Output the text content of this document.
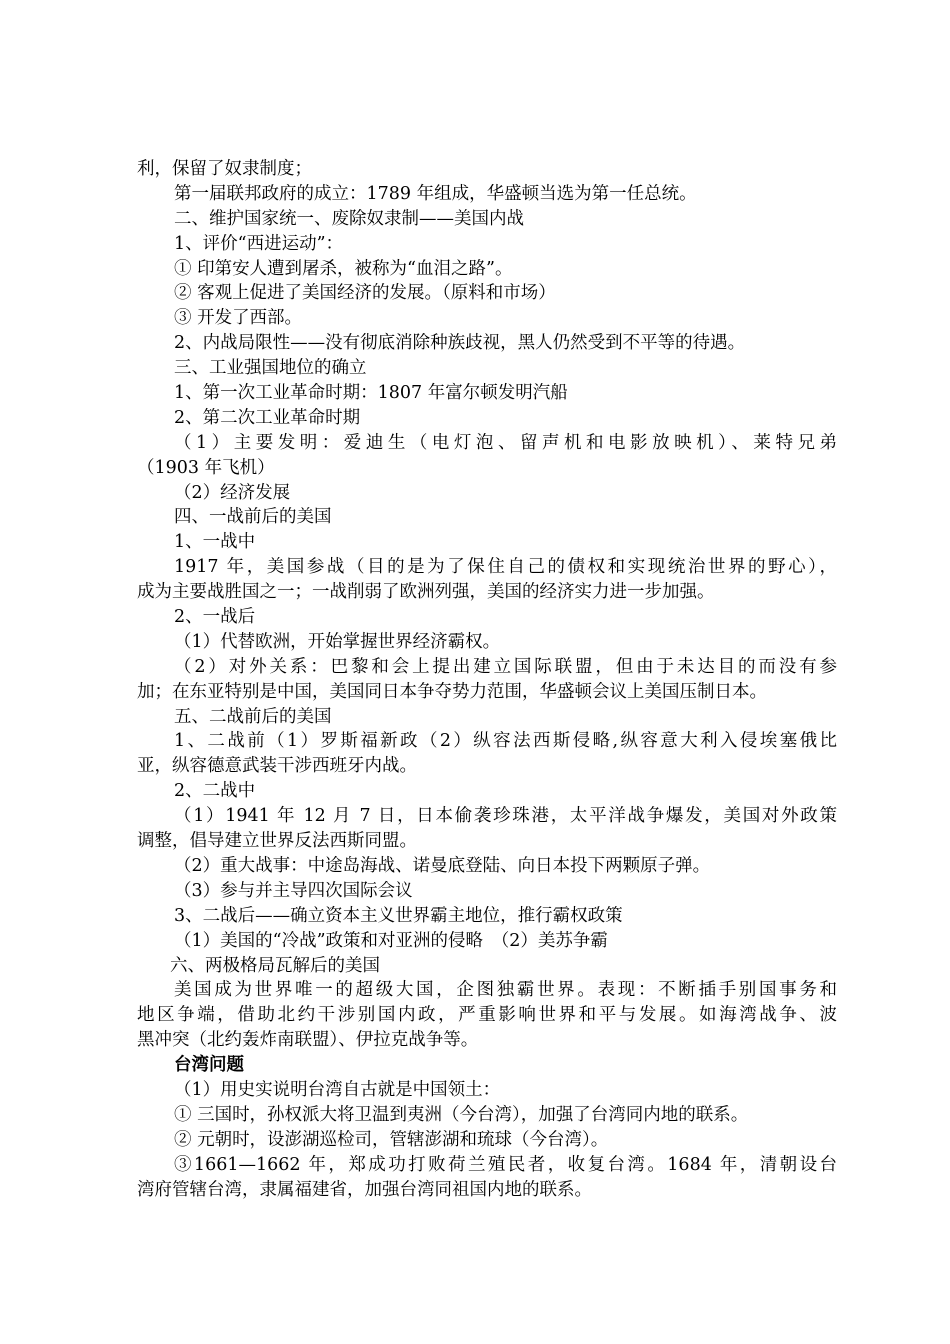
利，保留了奴隶制度；
第一届联邦政府的成立：1789 年组成，华盛顿当选为第一任总统。
二、维护国家统一、废除奴隶制——美国内战
1、评价“西进运动”：
① 印第安人遭到屠杀，被称为“血泪之路”。
② 客观上促进了美国经济的发展。（原料和市场）
③ 开发了西部。
2、内战局限性——没有彻底消除种族歧视，黑人仍然受到不平等的待遇。
三、工业强国地位的确立
1、第一次工业革命时期：1807 年富尔顿发明汽船
2、第二次工业革命时期
（1）主要发明：爱迪生（电灯泡、留声机和电影放映机）、莱特兄弟
（1903 年飞机）
（2）经济发展
四、一战前后的美国
1、一战中
1917 年，美国参战（目的是为了保住自己的债权和实现统治世界的野心），
成为主要战胜国之一；一战削弱了欧洲列强，美国的经济实力进一步加强。
2、一战后
（1）代替欧洲，开始掌握世界经济霸权。
（2）对外关系：巴黎和会上提出建立国际联盟，但由于未达目的而没有参
加；在东亚特别是中国，美国同日本争夺势力范围，华盛顿会议上美国压制日本。
五、二战前后的美国
1、二战前（1）罗斯福新政（2）纵容法西斯侵略,纵容意大利入侵埃塞俄比
亚，纵容德意武装干涉西班牙内战。
2、二战中
（1）1941 年 12 月 7 日，日本偷袭珍珠港，太平洋战争爆发，美国对外政策
调整，倡导建立世界反法西斯同盟。
（2）重大战事：中途岛海战、诺曼底登陆、向日本投下两颗原子弹。
（3）参与并主导四次国际会议
3、二战后——确立资本主义世界霸主地位，推行霸权政策
（1）美国的“冷战”政策和对亚洲的侵略　（2）美苏争霸
六、两极格局瓦解后的美国
美国成为世界唯一的超级大国，企图独霸世界。表现：不断插手别国事务和
地区争端，借助北约干涉别国内政，严重影响世界和平与发展。如海湾战争、波
黑冲突（北约轰炸南联盟）、伊拉克战争等。
台湾问题
（1）用史实说明台湾自古就是中国领土：
① 三国时，孙权派大将卫温到夷洲（今台湾），加强了台湾同内地的联系。
② 元朝时，设澎湖巡检司，管辖澎湖和琉球（今台湾）。
③1661—1662 年，郑成功打败荷兰殖民者，收复台湾。1684 年，清朝设台
湾府管辖台湾，隶属福建省，加强台湾同祖国内地的联系。
